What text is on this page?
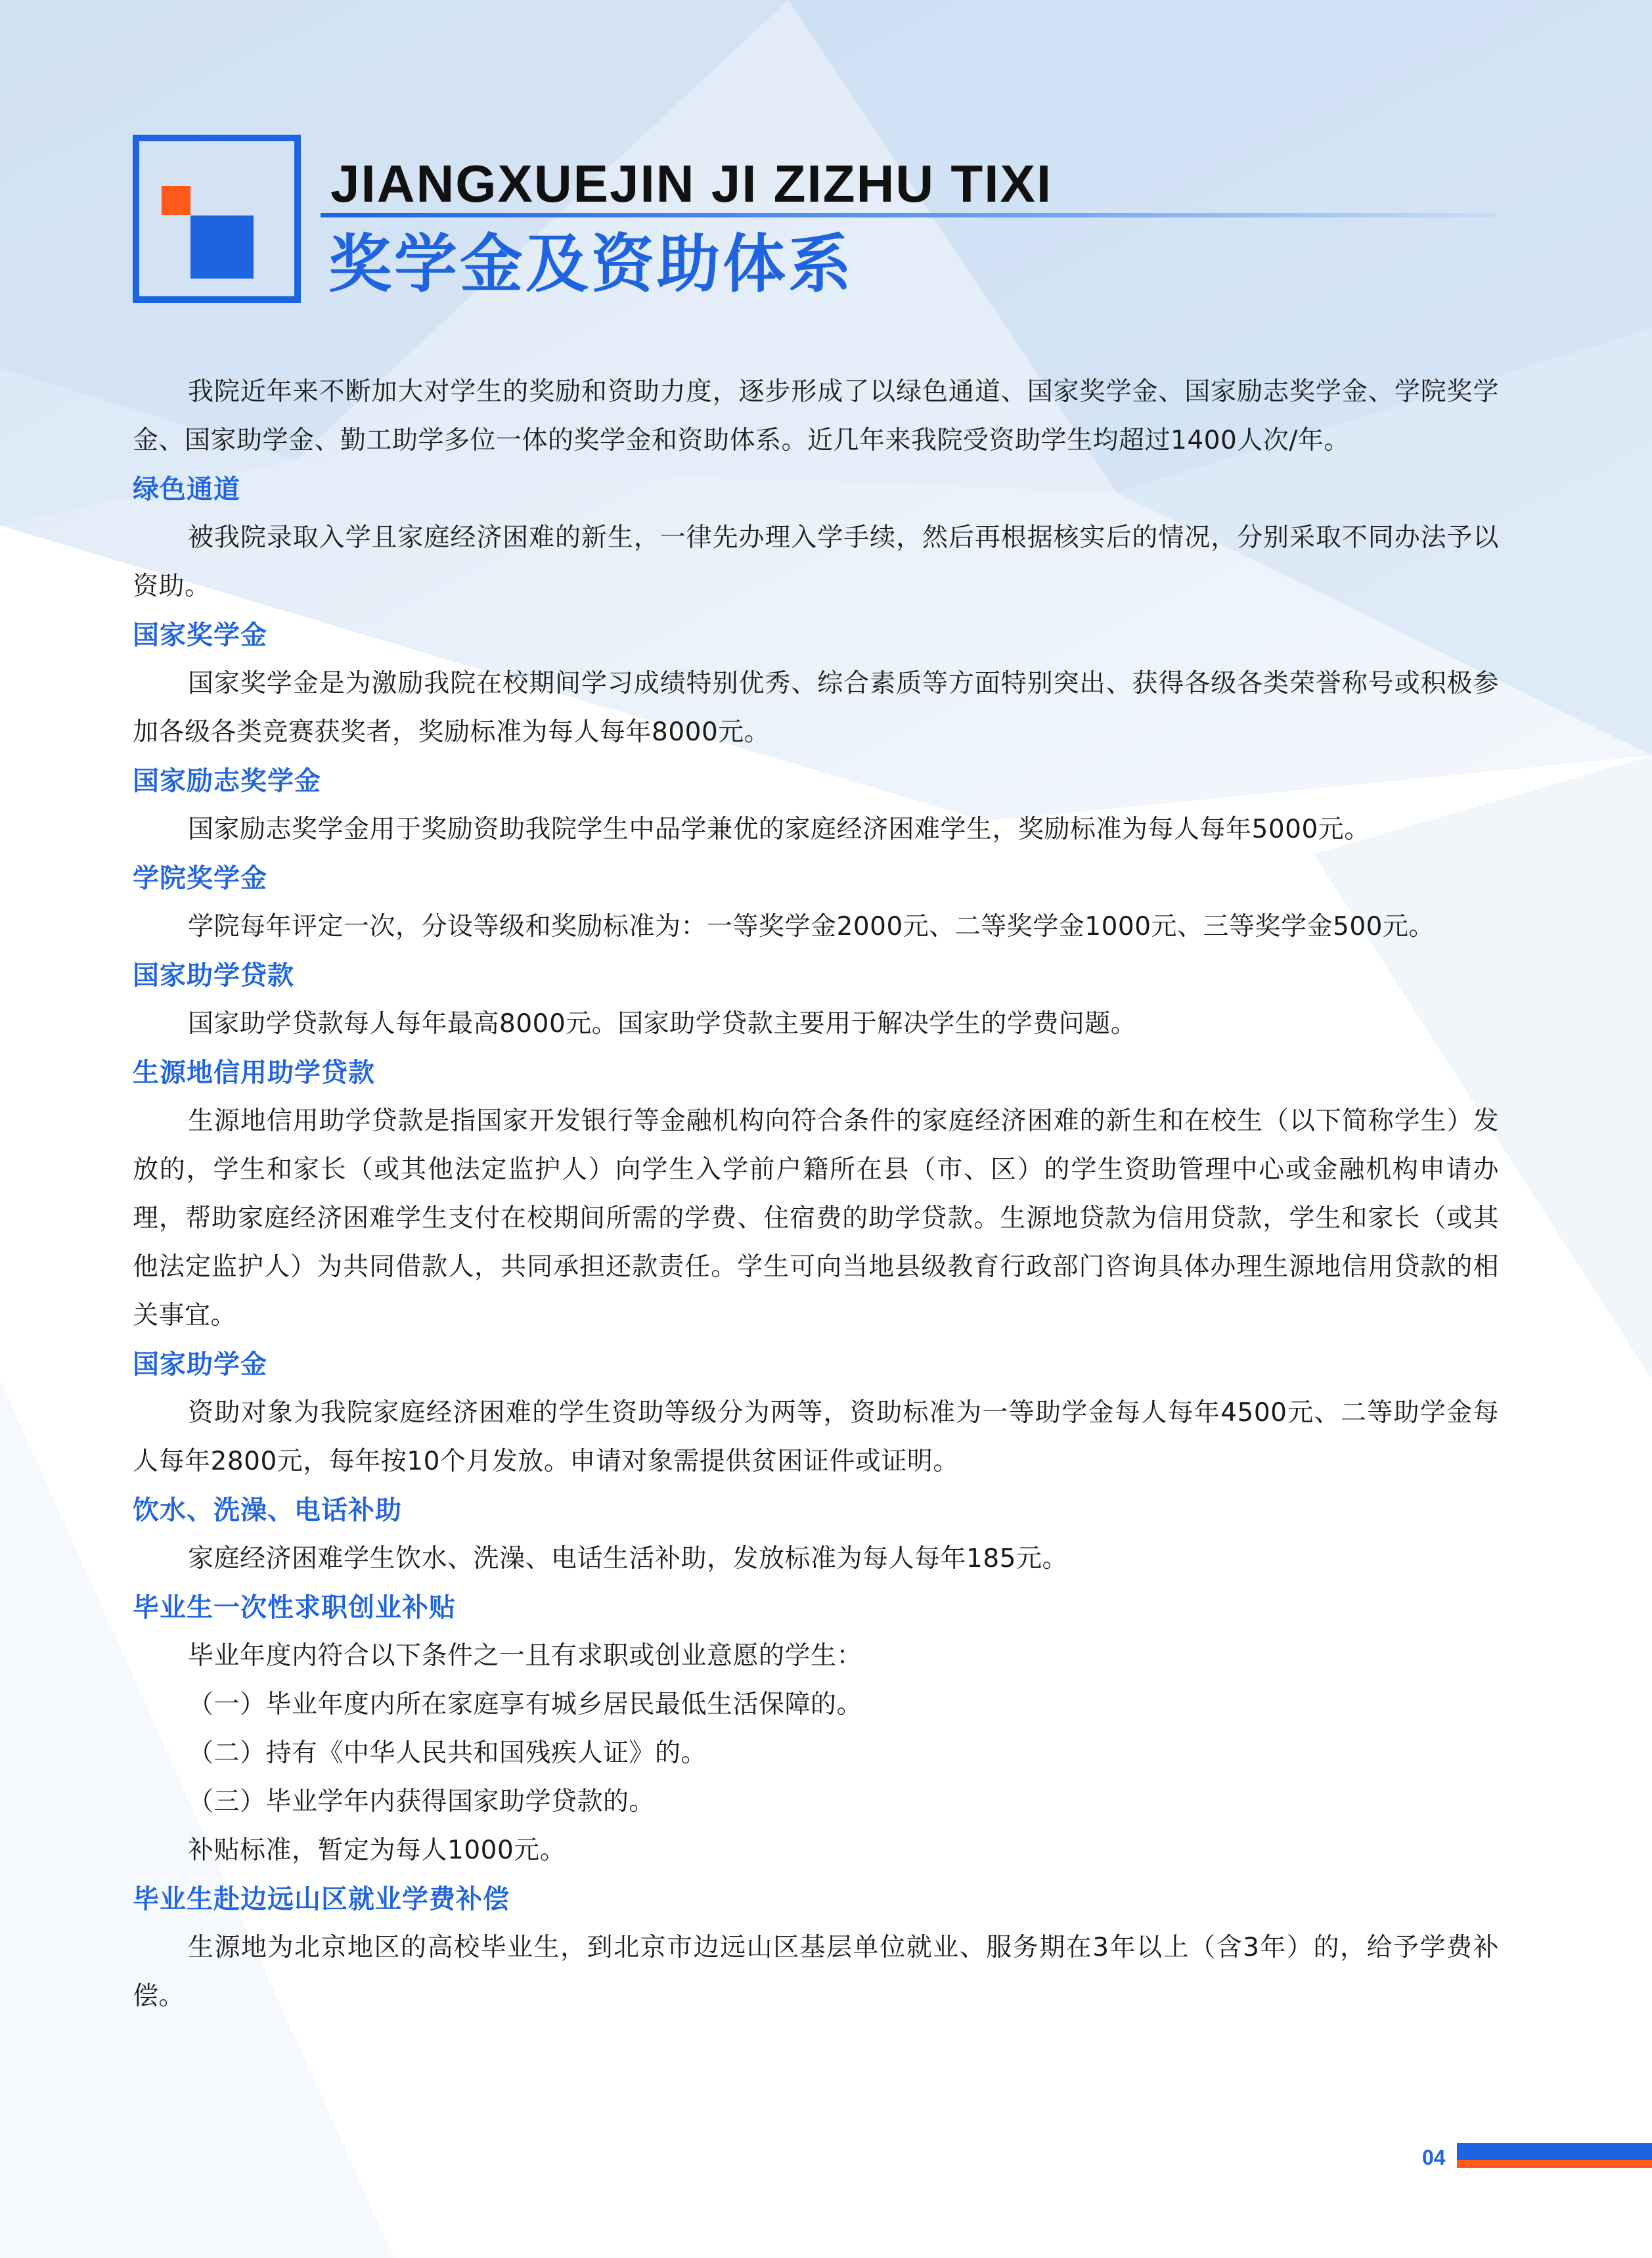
JIANGXUEJIN JI ZIZHU TIXI
奖学金及资助体系

我院近年来不断加大对学生的奖励和资助力度，逐步形成了以绿色通道、国家奖学金、国家励志奖学金、学院奖学金、国家助学金、勤工助学多位一体的奖学金和资助体系。近几年来我院受资助学生均超过1400人次/年。

绿色通道

被我院录取入学且家庭经济困难的新生，一律先办理入学手续，然后再根据核实后的情况，分别采取不同办法予以资助。

国家奖学金

国家奖学金是为激励我院在校期间学习成绩特别优秀、综合素质等方面特别突出、获得各级各类荣誉称号或积极参加各级各类竞赛获奖者，奖励标准为每人每年8000元。

国家励志奖学金

国家励志奖学金用于奖励资助我院学生中品学兼优的家庭经济困难学生，奖励标准为每人每年5000元。

学院奖学金

学院每年评定一次，分设等级和奖励标准为：一等奖学金2000元、二等奖学金1000元、三等奖学金500元。

国家助学贷款

国家助学贷款每人每年最高8000元。国家助学贷款主要用于解决学生的学费问题。

生源地信用助学贷款

生源地信用助学贷款是指国家开发银行等金融机构向符合条件的家庭经济困难的新生和在校生（以下简称学生）发放的，学生和家长（或其他法定监护人）向学生入学前户籍所在县（市、区）的学生资助管理中心或金融机构申请办理，帮助家庭经济困难学生支付在校期间所需的学费、住宿费的助学贷款。生源地贷款为信用贷款，学生和家长（或其他法定监护人）为共同借款人，共同承担还款责任。学生可向当地县级教育行政部门咨询具体办理生源地信用贷款的相关事宜。

国家助学金

资助对象为我院家庭经济困难的学生资助等级分为两等，资助标准为一等助学金每人每年4500元、二等助学金每人每年2800元，每年按10个月发放。申请对象需提供贫困证件或证明。

饮水、洗澡、电话补助

家庭经济困难学生饮水、洗澡、电话生活补助，发放标准为每人每年185元。

毕业生一次性求职创业补贴

毕业年度内符合以下条件之一且有求职或创业意愿的学生：

（一）毕业年度内所在家庭享有城乡居民最低生活保障的。

（二）持有《中华人民共和国残疾人证》的。

（三）毕业学年内获得国家助学贷款的。

补贴标准，暂定为每人1000元。

毕业生赴边远山区就业学费补偿

生源地为北京地区的高校毕业生，到北京市边远山区基层单位就业、服务期在3年以上（含3年）的，给予学费补偿。

04
